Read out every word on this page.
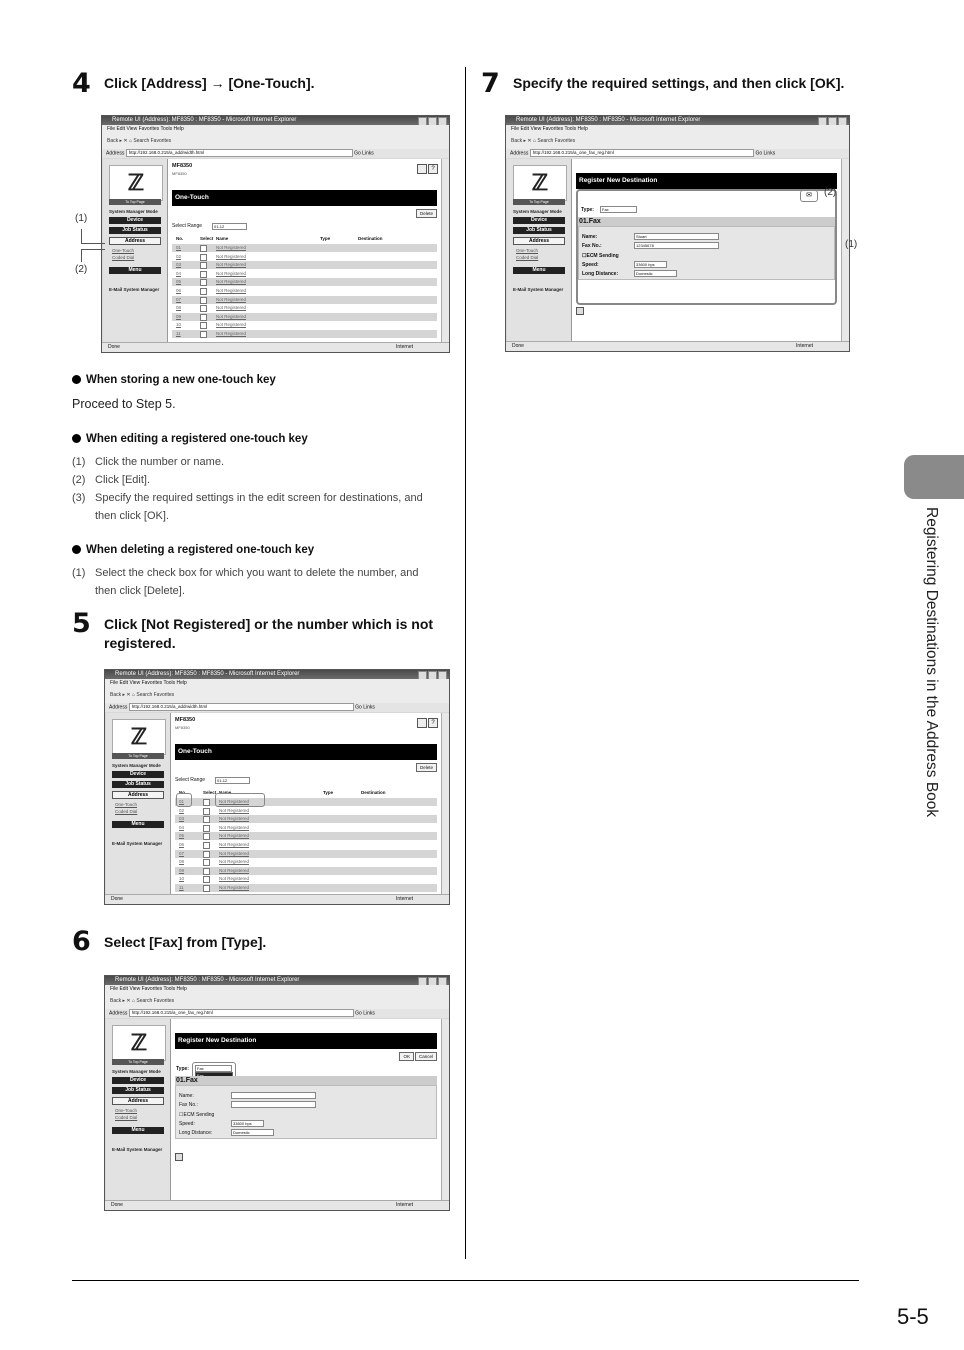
4 Click [Address] → [One-Touch].
Remote UI (Address): MF8350 : MF8350 - Microsoft Internet Explorer
File Edit View Favorites Tools Help
Back ▸ ✕ ⌂ Search Favorites
Address http://192.168.0.215/a_addrwidth.html	Go Links
ℤ
To Top Page
System Manager Mode
Device
Job Status
Address
One-Touch
Coded Dial
Menu
E-Mail System Manager
MF8350
MF8350
?
One-Touch
Delete
Select Range	01-12
No.	Select Name	Type	Destination
01	Not Registered
02	Not Registered
03	Not Registered
04	Not Registered
05	Not Registered
06	Not Registered
07	Not Registered
08	Not Registered
09	Not Registered
10	Not Registered
11	Not Registered
Done	Internet
(1)
(2)
When storing a new one-touch key
Proceed to Step 5.
When editing a registered one-touch key
(1) Click the number or name.
(2) Click [Edit].
(3) Specify the required settings in the edit screen for destinations, and
then click [OK].
When deleting a registered one-touch key
(1) Select the check box for which you want to delete the number, and
then click [Delete].
5 Click [Not Registered] or the number which is not
registered.
Remote UI (Address): MF8350 : MF8350 - Microsoft Internet Explorer
File Edit View Favorites Tools Help
Back ▸ ✕ ⌂ Search Favorites
Address http://192.168.0.215/a_addrwidth.html	Go Links
ℤ
To Top Page
System Manager Mode
Device
Job Status
Address
One-Touch
Coded Dial
Menu
E-Mail System Manager
MF8350
MF8350
?
One-Touch
Delete
Select Range	01-12
No.	Select Name	Type	Destination
01	Not Registered
02	Not Registered
03	Not Registered
04	Not Registered
05	Not Registered
06	Not Registered
07	Not Registered
08	Not Registered
09	Not Registered
10	Not Registered
11	Not Registered
Done	Internet
6 Select [Fax] from [Type].
Remote UI (Address): MF8350 : MF8350 - Microsoft Internet Explorer
File Edit View Favorites Tools Help
Back ▸ ✕ ⌂ Search Favorites
Address http://192.168.0.215/a_one_fax_reg.html	Go Links
ℤ
To Top Page
System Manager Mode
Device
Job Status
Address
One-Touch
Coded Dial
Menu
E-Mail System Manager
Register New Destination
OK	Cancel
Type:	Fax
01.Fax
Name:
Fax No.:
☐ECM Sending
Speed:	33600 bps
Long Distance:	Domestic
Done	Internet
7 Specify the required settings, and then click [OK].
Remote UI (Address): MF8350 : MF8350 - Microsoft Internet Explorer
File Edit View Favorites Tools Help
Back ▸ ✕ ⌂ Search Favorites
Address http://192.168.0.215/a_one_fax_reg.html	Go Links
ℤ
To Top Page
System Manager Mode
Device
Job Status
Address
One-Touch
Coded Dial
Menu
E-Mail System Manager
Register New Destination
✉
Type:	Fax
01.Fax
Name:	Stuart
Fax No.:	12345678
☐ECM Sending
Speed:	33600 bps
Long Distance:	Domestic
Done	Internet
(2)
(1)
Registering Destinations in the Address Book
5-5
